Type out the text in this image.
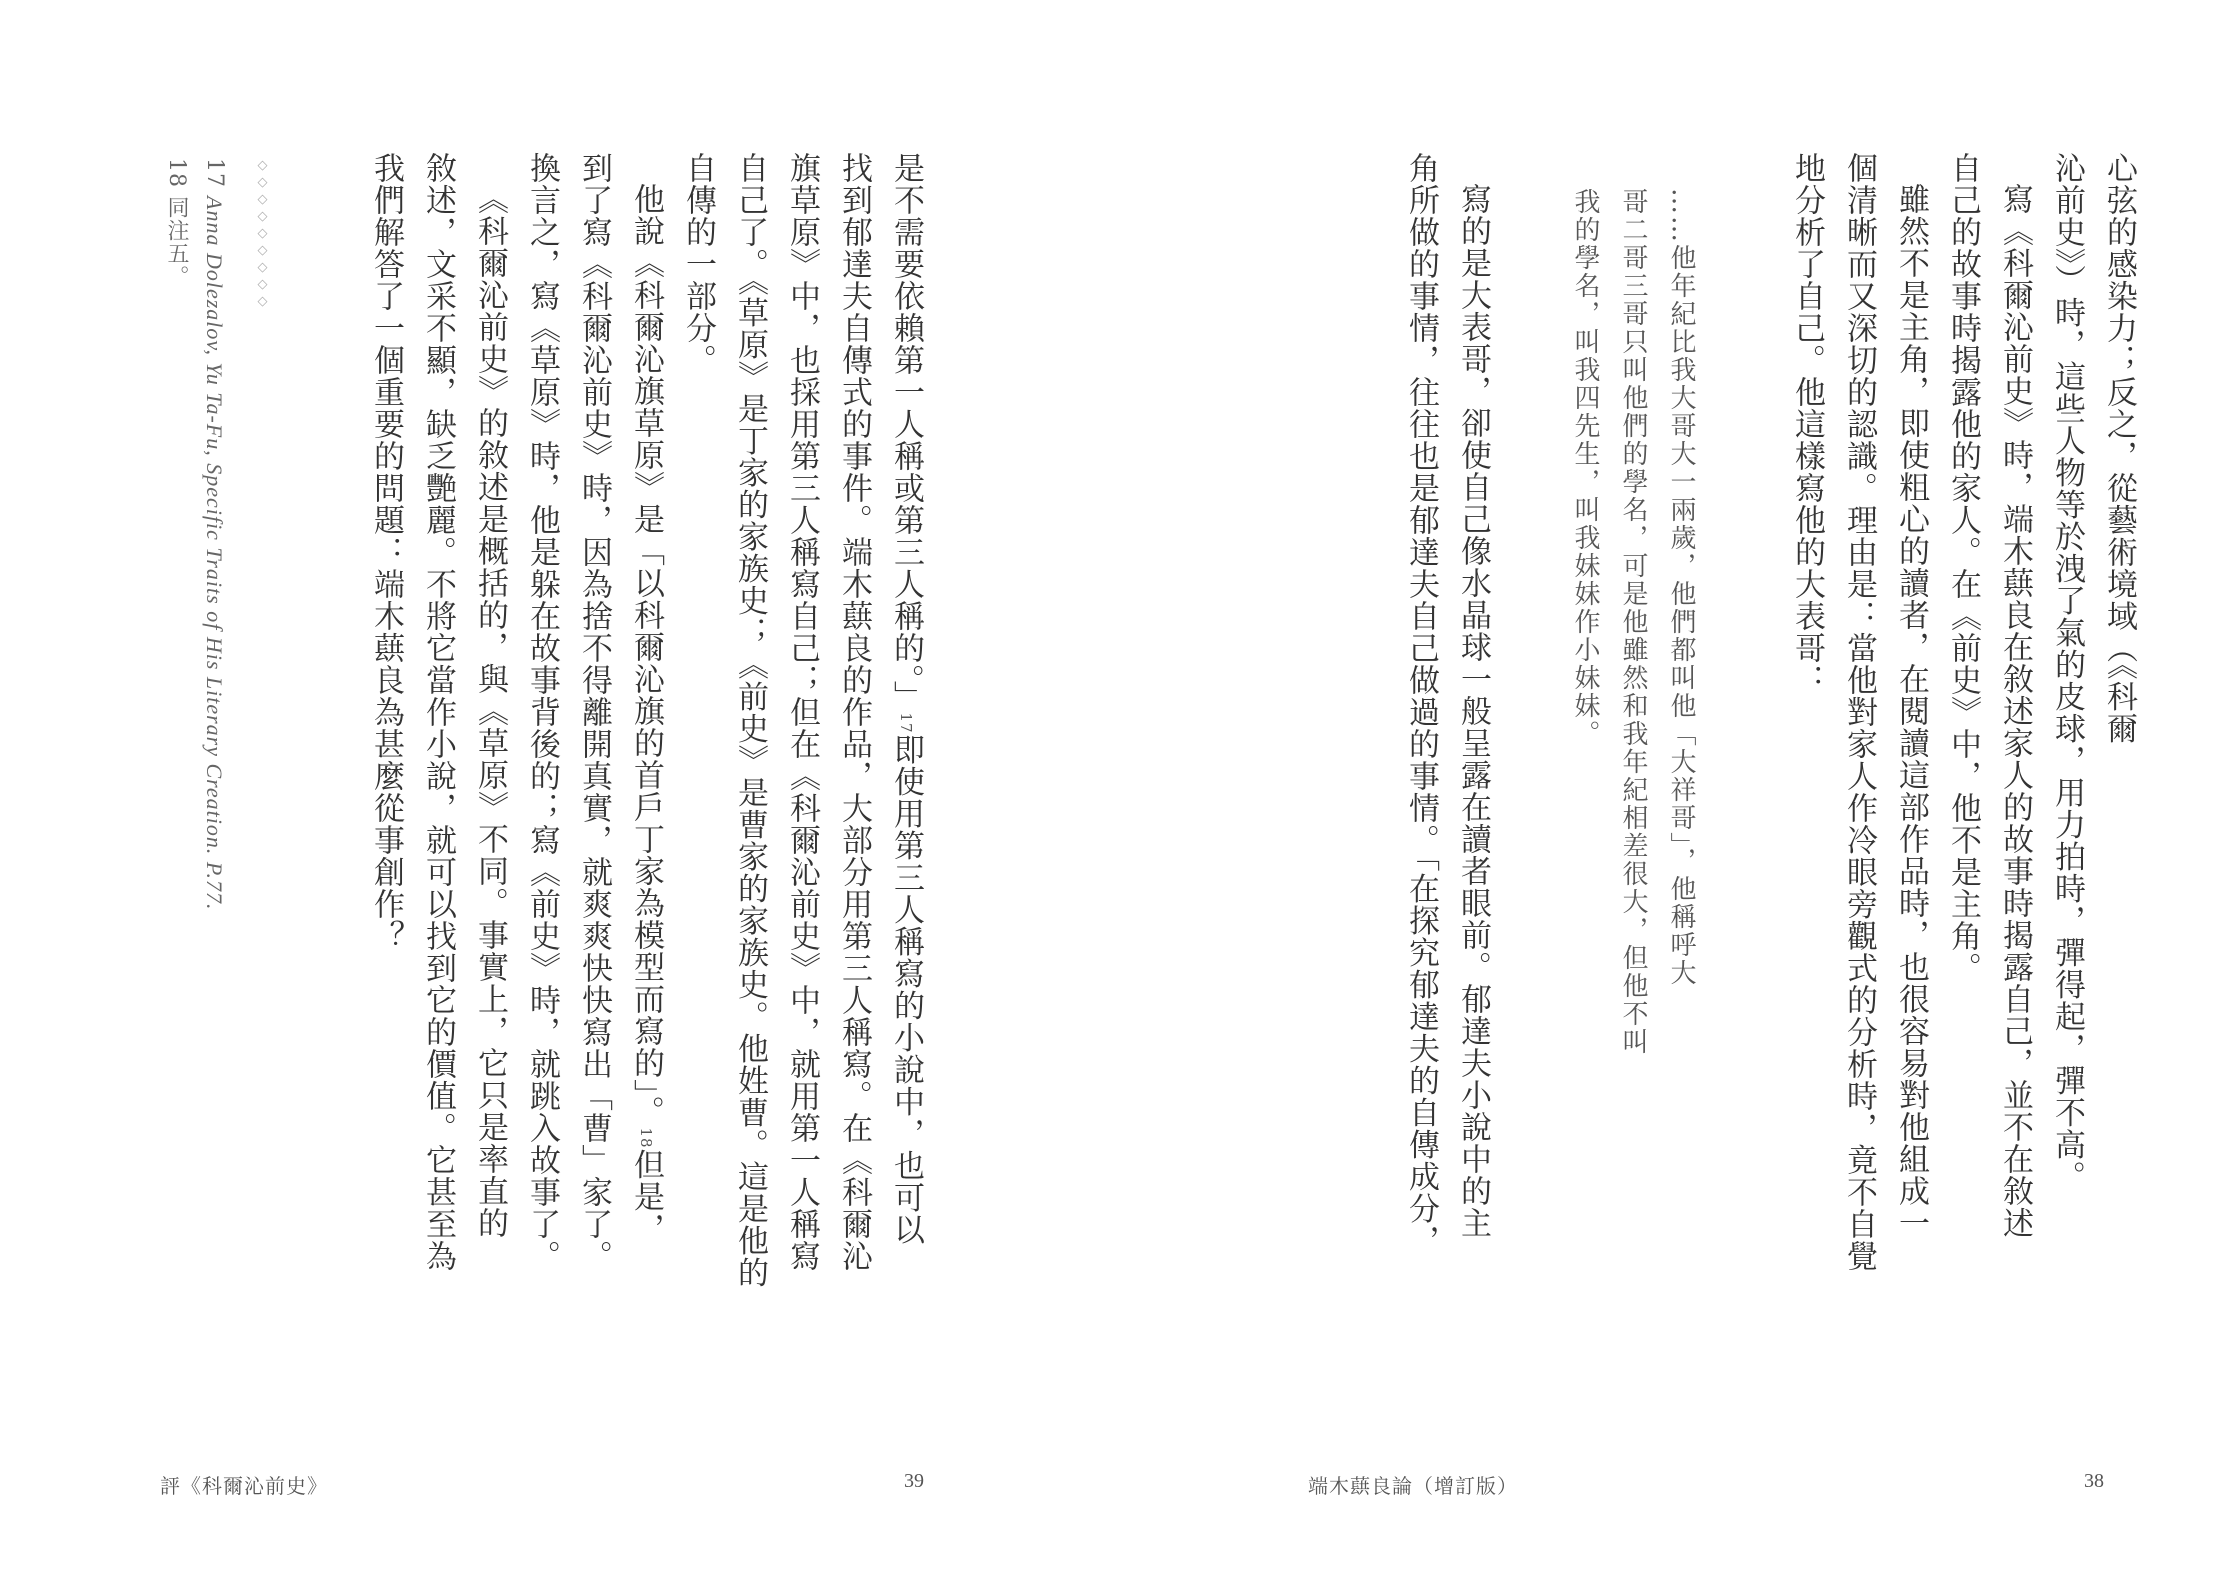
心弦的感染力；反之，從藝術境域（《科爾
沁前史》）時，這些人物等於洩了氣的皮球，用力拍時，彈得起，彈不高。
寫《科爾沁前史》時，端木蕻良在敘述家人的故事時揭露自己，並不在敘述
自己的故事時揭露他的家人。在《前史》中，他不是主角。
雖然不是主角，即使粗心的讀者，在閱讀這部作品時，也很容易對他組成一
個清晰而又深切的認識。理由是：當他對家人作冷眼旁觀式的分析時，竟不自覺
地分析了自己。他這樣寫他的大表哥：
……他年紀比我大哥大一兩歲，他們都叫他「大祥哥」，他稱呼大
哥二哥三哥只叫他們的學名，可是他雖然和我年紀相差很大，但他不叫
我的學名，叫我四先生，叫我妹妹作小妹妹。
寫的是大表哥，卻使自己像水晶球一般呈露在讀者眼前。郁達夫小說中的主
角所做的事情，往往也是郁達夫自己做過的事情。「在探究郁達夫的自傳成分，
端木蕻良論（增訂版）	38
是不需要依賴第一人稱或第三人稱的。」17即使用第三人稱寫的小說中，也可以
找到郁達夫自傳式的事件。端木蕻良的作品，大部分用第三人稱寫。在《科爾沁
旗草原》中，也採用第三人稱寫自己；但在《科爾沁前史》中，就用第一人稱寫
自己了。《草原》是丁家的家族史；《前史》是曹家的家族史。他姓曹。這是他的
自傳的一部分。
他說《科爾沁旗草原》是「以科爾沁旗的首戶丁家為模型而寫的」。18但是，
到了寫《科爾沁前史》時，因為捨不得離開真實，就爽爽快快寫出「曹」家了。
換言之，寫《草原》時，他是躲在故事背後的；寫《前史》時，就跳入故事了。
《科爾沁前史》的敘述是概括的，與《草原》不同。事實上，它只是率直的
敘述，文采不顯，缺乏艷麗。不將它當作小說，就可以找到它的價值。它甚至為
我們解答了一個重要的問題：端木蕻良為甚麼從事創作？
◇◇◇◇◇◇◇◇◇
17 Anna Dolezalov, Yu Ta-Fu, Specific Traits of His Literary Creation. P.77.
18 同注五。
評《科爾沁前史》	39
